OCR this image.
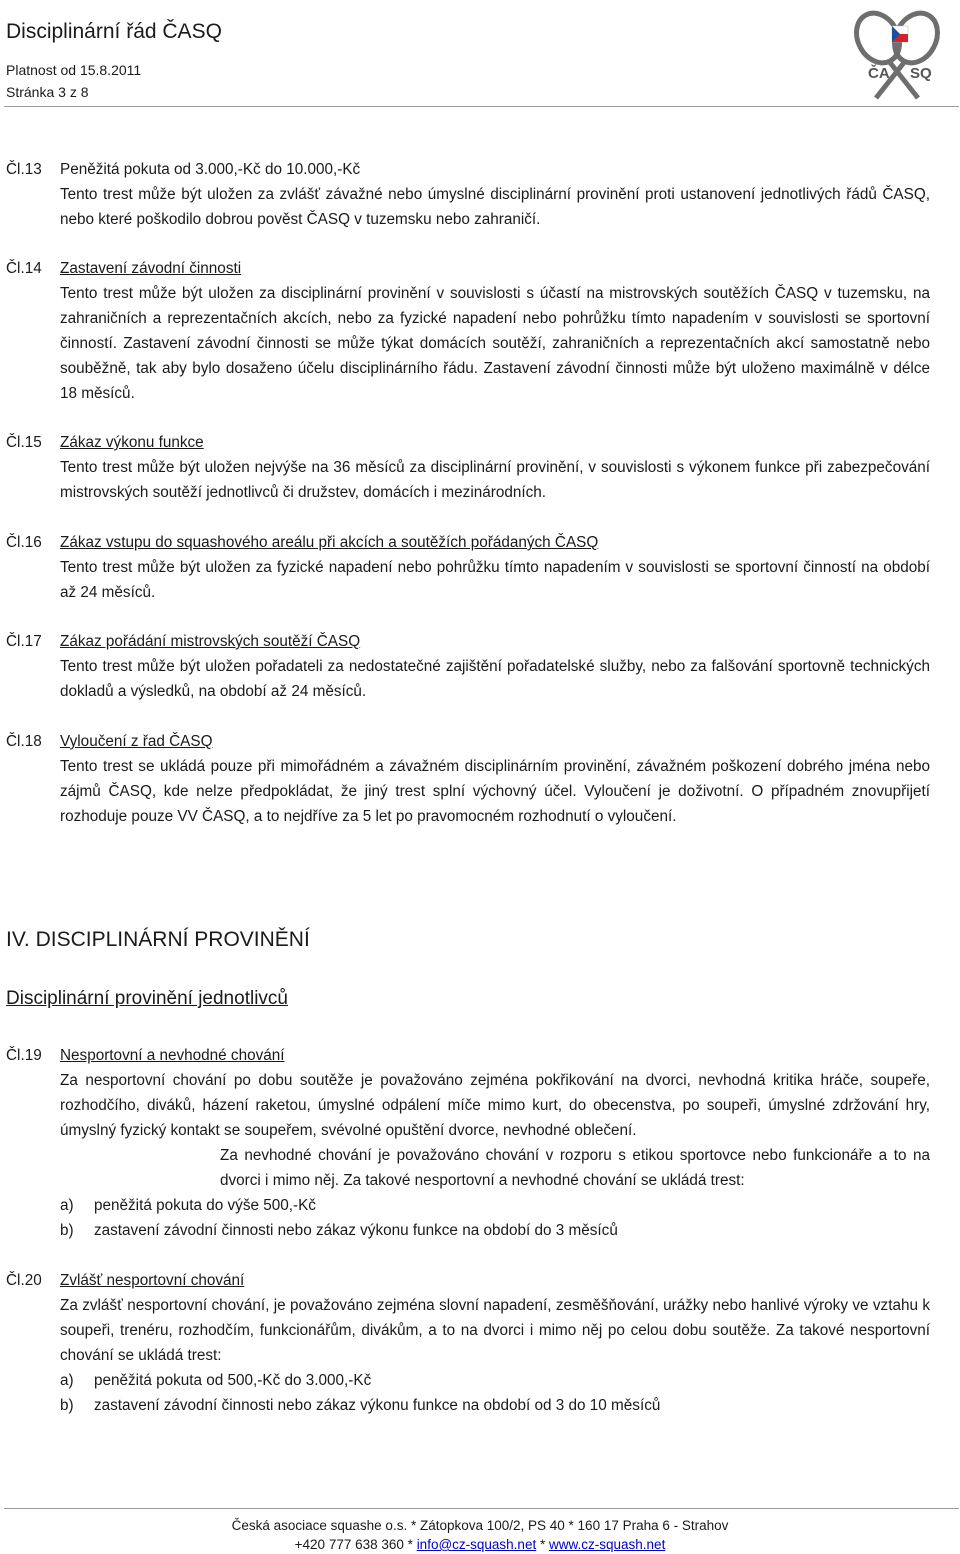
Disciplinární řád ČASQ
Platnost od 15.8.2011
Stránka 3 z 8
ČA SQ
Čl.13	Peněžitá pokuta od 3.000,-Kč do 10.000,-Kč
Tento trest může být uložen za zvlášť závažné nebo úmyslné disciplinární provinění proti ustanovení jednotlivých řádů ČASQ, nebo které poškodilo dobrou pověst ČASQ v tuzemsku nebo zahraničí.
Čl.14	Zastavení závodní činnosti
Tento trest může být uložen za disciplinární provinění v souvislosti s účastí na mistrovských soutěžích ČASQ v tuzemsku, na zahraničních a reprezentačních akcích, nebo za fyzické napadení nebo pohrůžku tímto napadením v souvislosti se sportovní činností. Zastavení závodní činnosti se může týkat domácích soutěží, zahraničních a reprezentačních akcí samostatně nebo souběžně, tak aby bylo dosaženo účelu disciplinárního řádu. Zastavení závodní činnosti může být uloženo maximálně v délce 18 měsíců.
Čl.15	Zákaz výkonu funkce
Tento trest může být uložen nejvýše na 36 měsíců za disciplinární provinění, v souvislosti s výkonem funkce při zabezpečování mistrovských soutěží jednotlivců či družstev, domácích i mezinárodních.
Čl.16	Zákaz vstupu do squashového areálu při akcích a soutěžích pořádaných ČASQ
Tento trest může být uložen za fyzické napadení nebo pohrůžku tímto napadením v souvislosti se sportovní činností na období až 24 měsíců.
Čl.17	Zákaz pořádání mistrovských soutěží ČASQ
Tento trest může být uložen pořadateli za nedostatečné zajištění pořadatelské služby, nebo za falšování sportovně technických dokladů a výsledků, na období až 24 měsíců.
Čl.18	Vyloučení z řad ČASQ
Tento trest se ukládá pouze při mimořádném a závažném disciplinárním provinění, závažném poškození dobrého jména nebo zájmů ČASQ, kde nelze předpokládat, že jiný trest splní výchovný účel. Vyloučení je doživotní. O případném znovupřijetí rozhoduje pouze VV ČASQ, a to nejdříve za 5 let po pravomocném rozhodnutí o vyloučení.
IV. DISCIPLINÁRNÍ PROVINĚNÍ
Disciplinární provinění jednotlivců
Čl.19	Nesportovní a nevhodné chování

Za nesportovní chování po dobu soutěže je považováno zejména pokřikování na dvorci, nevhodná kritika hráče, soupeře, rozhodčího, diváků, házení raketou, úmyslné odpálení míče mimo kurt, do obecenstva, po soupeři, úmyslné zdržování hry, úmyslný fyzický kontakt se soupeřem, svévolné opuštění dvorce, nevhodné oblečení.

Za nevhodné chování je považováno chování v rozporu s etikou sportovce nebo funkcionáře a to na dvorci i mimo něj. Za takové nesportovní a nevhodné chování se ukládá trest:

a) peněžitá pokuta do výše 500,-Kč
b) zastavení závodní činnosti nebo zákaz výkonu funkce na období do 3 měsíců
Čl.20	Zvlášť nesportovní chování
Za zvlášť nesportovní chování, je považováno zejména slovní napadení, zesměšňování, urážky nebo hanlivé výroky ve vztahu k soupeři, trenéru, rozhodčím, funkcionářům, divákům, a to na dvorci i mimo něj po celou dobu soutěže. Za takové nesportovní chování se ukládá trest:
a) peněžitá pokuta od 500,-Kč do 3.000,-Kč
b) zastavení závodní činnosti nebo zákaz výkonu funkce na období od 3 do 10 měsíců
Česká asociace squashe o.s. * Zátopkova 100/2, PS 40 * 160 17 Praha 6 - Strahov
+420 777 638 360 * info@cz-squash.net * www.cz-squash.net
